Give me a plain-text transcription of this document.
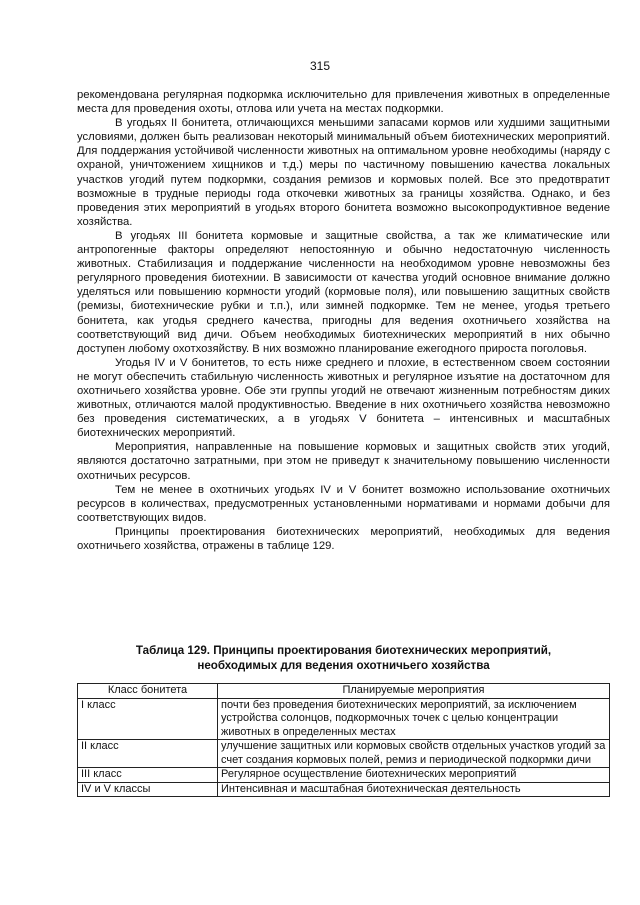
315

рекомендована регулярная подкормка исключительно для привлечения животных в определенные места для проведения охоты, отлова или учета на местах подкормки.

В угодьях II бонитета, отличающихся меньшими запасами кормов или худшими защитными условиями, должен быть реализован некоторый минимальный объем биотехнических мероприятий. Для поддержания устойчивой численности животных на оптимальном уровне необходимы (наряду с охраной, уничтожением хищников и т.д.) меры по частичному повышению качества локальных участков угодий путем подкормки, создания ремизов и кормовых полей. Все это предотвратит возможные в трудные периоды года откочевки животных за границы хозяйства. Однако, и без проведения этих мероприятий в угодьях второго бонитета возможно высокопродуктивное ведение хозяйства.

В угодьях III бонитета кормовые и защитные свойства, а так же климатические или антропогенные факторы определяют непостоянную и обычно недостаточную численность животных. Стабилизация и поддержание численности на необходимом уровне невозможны без регулярного проведения биотехнии. В зависимости от качества угодий основное внимание должно уделяться или повышению кормности угодий (кормовые поля), или повышению защитных свойств (ремизы, биотехнические рубки и т.п.), или зимней подкормке. Тем не менее, угодья третьего бонитета, как угодья среднего качества, пригодны для ведения охотничьего хозяйства на соответствующий вид дичи. Объем необходимых биотехнических мероприятий в них обычно доступен любому охотхозяйству. В них возможно планирование ежегодного прироста поголовья.

Угодья IV и V бонитетов, то есть ниже среднего и плохие, в естественном своем состоянии не могут обеспечить стабильную численность животных и регулярное изъятие на достаточном для охотничьего хозяйства уровне. Обе эти группы угодий не отвечают жизненным потребностям диких животных, отличаются малой продуктивностью. Введение в них охотничьего хозяйства невозможно без проведения систематических, а в угодьях V бонитета – интенсивных и масштабных биотехнических мероприятий.

Мероприятия, направленные на повышение кормовых и защитных свойств этих угодий, являются достаточно затратными, при этом не приведут к значительному повышению численности охотничьих ресурсов.

Тем не менее в охотничьих угодьях IV и V бонитет возможно использование охотничьих ресурсов в количествах, предусмотренных установленными нормативами и нормами добычи для соответствующих видов.

Принципы проектирования биотехнических мероприятий, необходимых для ведения охотничьего хозяйства, отражены в таблице 129.

Таблица 129. Принципы проектирования биотехнических мероприятий,
необходимых для ведения охотничьего хозяйства
Класс бонитета	Планируемые мероприятия
I класс	почти без проведения биотехнических мероприятий, за исключением устройства солонцов, подкормочных точек с целью концентрации животных в определенных местах
II класс	улучшение защитных или кормовых свойств отдельных участков угодий за счет создания кормовых полей, ремиз и периодической подкормки дичи
III класс	Регулярное осуществление биотехнических мероприятий
IV и V классы	Интенсивная и масштабная биотехническая деятельность
